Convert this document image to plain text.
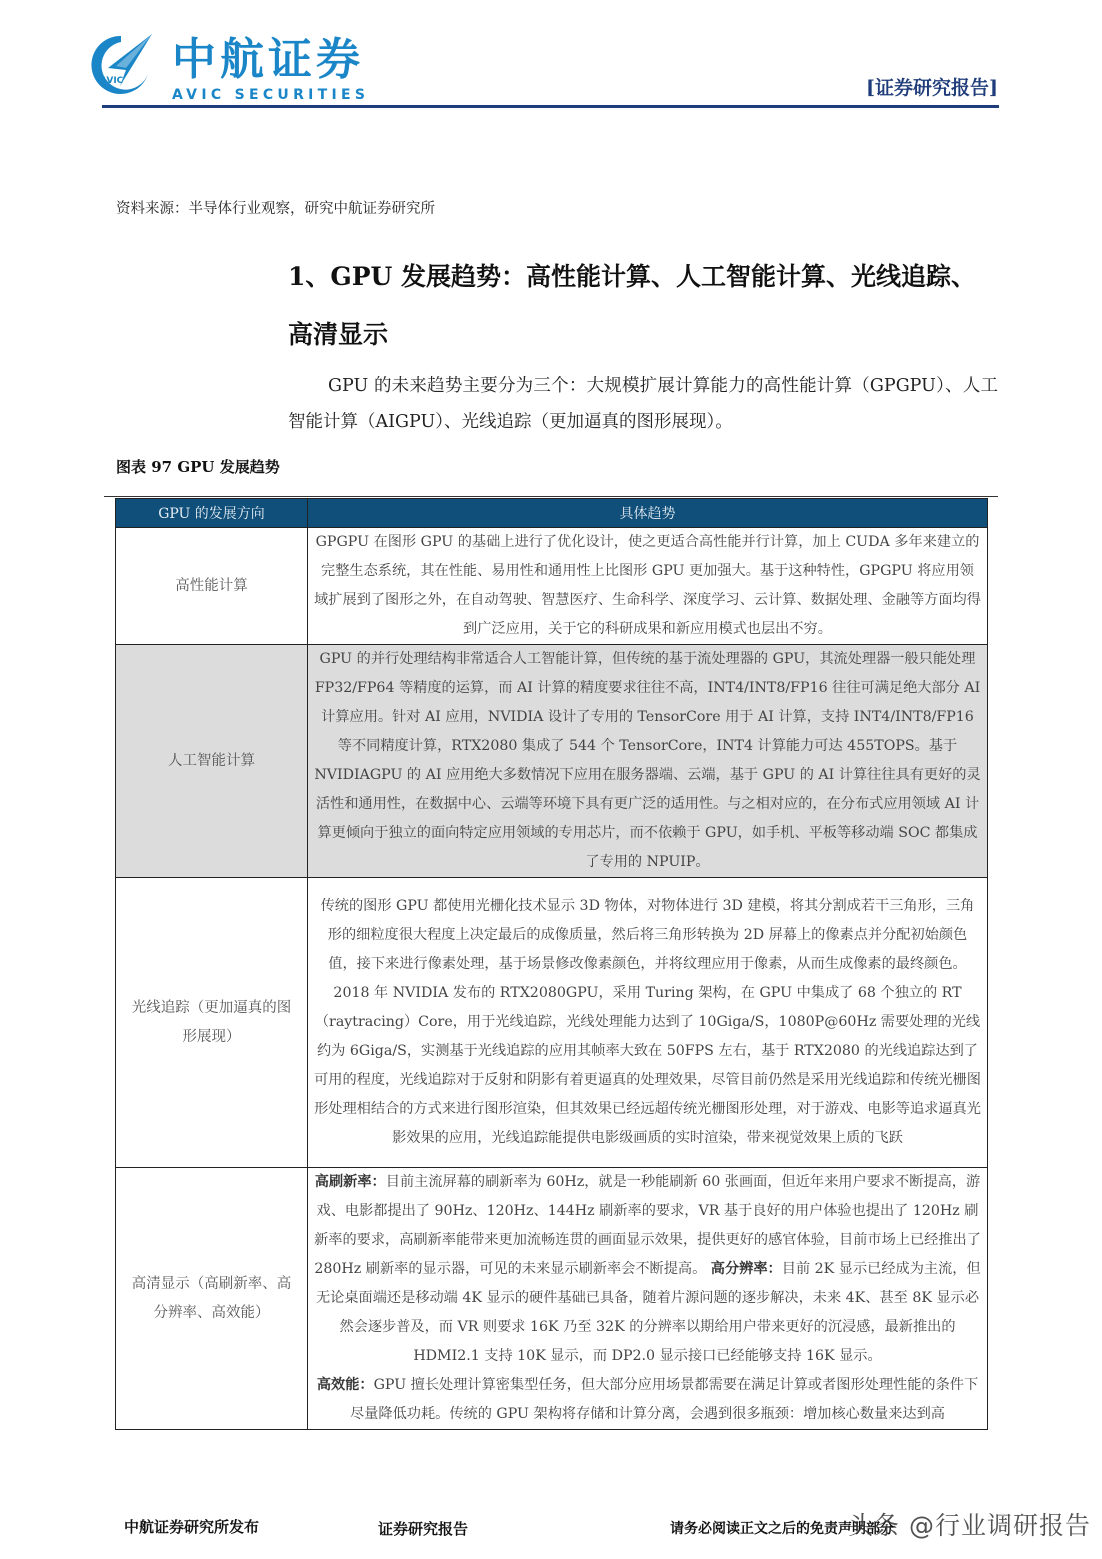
AVIC 中航证券
AVIC SECURITIES	[证券研究报告]
资料来源：半导体行业观察，研究中航证券研究所
1、GPU 发展趋势：高性能计算、人工智能计算、光线追踪、高清显示
GPU 的未来趋势主要分为三个：大规模扩展计算能力的高性能计算（GPGPU）、人工智能计算（AIGPU）、光线追踪（更加逼真的图形展现）。
图表 97 GPU 发展趋势
GPU 的发展方向	具体趋势
高性能计算	GPGPU 在图形 GPU 的基础上进行了优化设计，使之更适合高性能并行计算，加上 CUDA 多年来建立的完整生态系统，其在性能、易用性和通用性上比图形 GPU 更加强大。基于这种特性，GPGPU 将应用领域扩展到了图形之外，在自动驾驶、智慧医疗、生命科学、深度学习、云计算、数据处理、金融等方面均得到广泛应用，关于它的科研成果和新应用模式也层出不穷。
人工智能计算	GPU 的并行处理结构非常适合人工智能计算，但传统的基于流处理器的 GPU，其流处理器一般只能处理 FP32/FP64 等精度的运算，而 AI 计算的精度要求往往不高，INT4/INT8/FP16 往往可满足绝大部分 AI 计算应用。针对 AI 应用，NVIDIA 设计了专用的 TensorCore 用于 AI 计算，支持 INT4/INT8/FP16 等不同精度计算，RTX2080 集成了 544 个 TensorCore，INT4 计算能力可达 455TOPS。基于 NVIDIAGPU 的 AI 应用绝大多数情况下应用在服务器端、云端，基于 GPU 的 AI 计算往往具有更好的灵活性和通用性，在数据中心、云端等环境下具有更广泛的适用性。与之相对应的，在分布式应用领域 AI 计算更倾向于独立的面向特定应用领域的专用芯片，而不依赖于 GPU，如手机、平板等移动端 SOC 都集成了专用的 NPUIP。
光线追踪（更加逼真的图形展现）	传统的图形 GPU 都使用光栅化技术显示 3D 物体，对物体进行 3D 建模，将其分割成若干三角形，三角形的细粒度很大程度上决定最后的成像质量，然后将三角形转换为 2D 屏幕上的像素点并分配初始颜色值，接下来进行像素处理，基于场景修改像素颜色，并将纹理应用于像素，从而生成像素的最终颜色。2018 年 NVIDIA 发布的 RTX2080GPU，采用 Turing 架构，在 GPU 中集成了 68 个独立的 RT（raytracing）Core，用于光线追踪，光线处理能力达到了 10Giga/S，1080P@60Hz 需要处理的光线约为 6Giga/S，实测基于光线追踪的应用其帧率大致在 50FPS 左右，基于 RTX2080 的光线追踪达到了可用的程度，光线追踪对于反射和阴影有着更逼真的处理效果，尽管目前仍然是采用光线追踪和传统光栅图形处理相结合的方式来进行图形渲染，但其效果已经远超传统光栅图形处理，对于游戏、电影等追求逼真光影效果的应用，光线追踪能提供电影级画质的实时渲染，带来视觉效果上质的飞跃
高清显示（高刷新率、高分辨率、高效能）	高刷新率：目前主流屏幕的刷新率为 60Hz，就是一秒能刷新 60 张画面，但近年来用户要求不断提高，游戏、电影都提出了 90Hz、120Hz、144Hz 刷新率的要求，VR 基于良好的用户体验也提出了 120Hz 刷新率的要求，高刷新率能带来更加流畅连贯的画面显示效果，提供更好的感官体验，目前市场上已经推出了 280Hz 刷新率的显示器，可见的未来显示刷新率会不断提高。 高分辨率：目前 2K 显示已经成为主流，但无论桌面端还是移动端 4K 显示的硬件基础已具备，随着片源问题的逐步解决，未来 4K、甚至 8K 显示必然会逐步普及，而 VR 则要求 16K 乃至 32K 的分辨率以期给用户带来更好的沉浸感，最新推出的 HDMI2.1 支持 10K 显示，而 DP2.0 显示接口已经能够支持 16K 显示。
高效能：GPU 擅长处理计算密集型任务，但大部分应用场景都需要在满足计算或者图形处理性能的条件下尽量降低功耗。传统的 GPU 架构将存储和计算分离，会遇到很多瓶颈：增加核心数量来达到高
中航证券研究所发布	证券研究报告	请务必阅读正文之后的免责声明部分
头条 @行业调研报告
